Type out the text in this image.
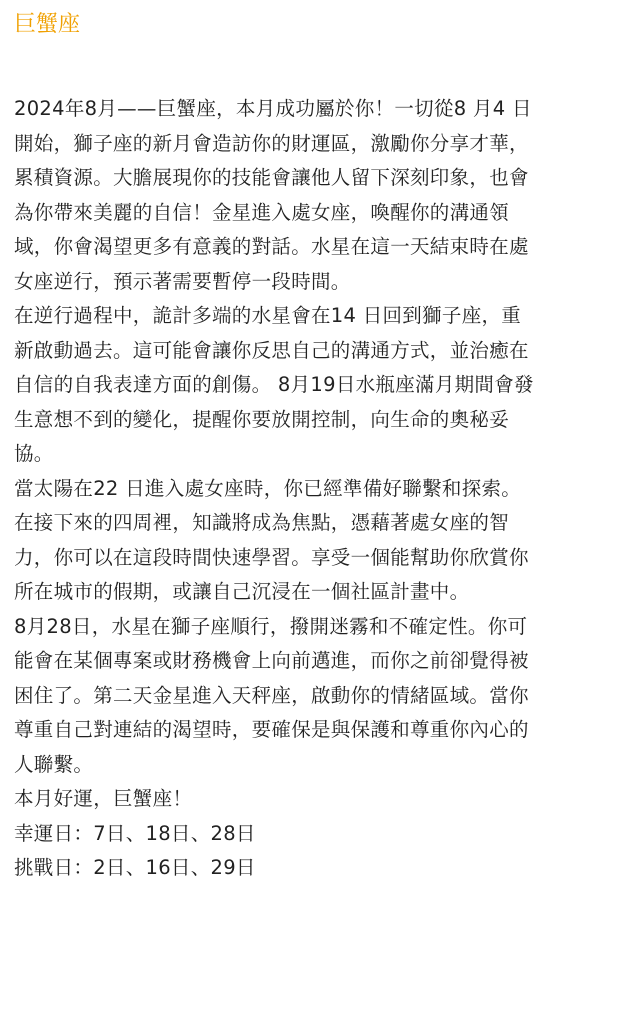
巨蟹座

2024年8月——巨蟹座，本月成功屬於你！一切從8 月4 日
開始，獅子座的新月會造訪你的財運區，激勵你分享才華，
累積資源。大膽展現你的技能會讓他人留下深刻印象，也會
為你帶來美麗的自信！金星進入處女座，喚醒你的溝通領
域，你會渴望更多有意義的對話。水星在這一天結束時在處
女座逆行，預示著需要暫停一段時間。

在逆行過程中，詭計多端的水星會在14 日回到獅子座，重
新啟動過去。這可能會讓你反思自己的溝通方式，並治癒在
自信的自我表達方面的創傷。 8月19日水瓶座滿月期間會發
生意想不到的變化，提醒你要放開控制，向生命的奧秘妥
協。

當太陽在22 日進入處女座時，你已經準備好聯繫和探索。
在接下來的四周裡，知識將成為焦點，憑藉著處女座的智
力，你可以在這段時間快速學習。享受一個能幫助你欣賞你
所在城市的假期，或讓自己沉浸在一個社區計畫中。

8月28日，水星在獅子座順行，撥開迷霧和不確定性。你可
能會在某個專案或財務機會上向前邁進，而你之前卻覺得被
困住了。第二天金星進入天秤座，啟動你的情緒區域。當你
尊重自己對連結的渴望時，要確保是與保護和尊重你內心的
人聯繫。

本月好運，巨蟹座！

幸運日：7日、18日、28日

挑戰日：2日、16日、29日
